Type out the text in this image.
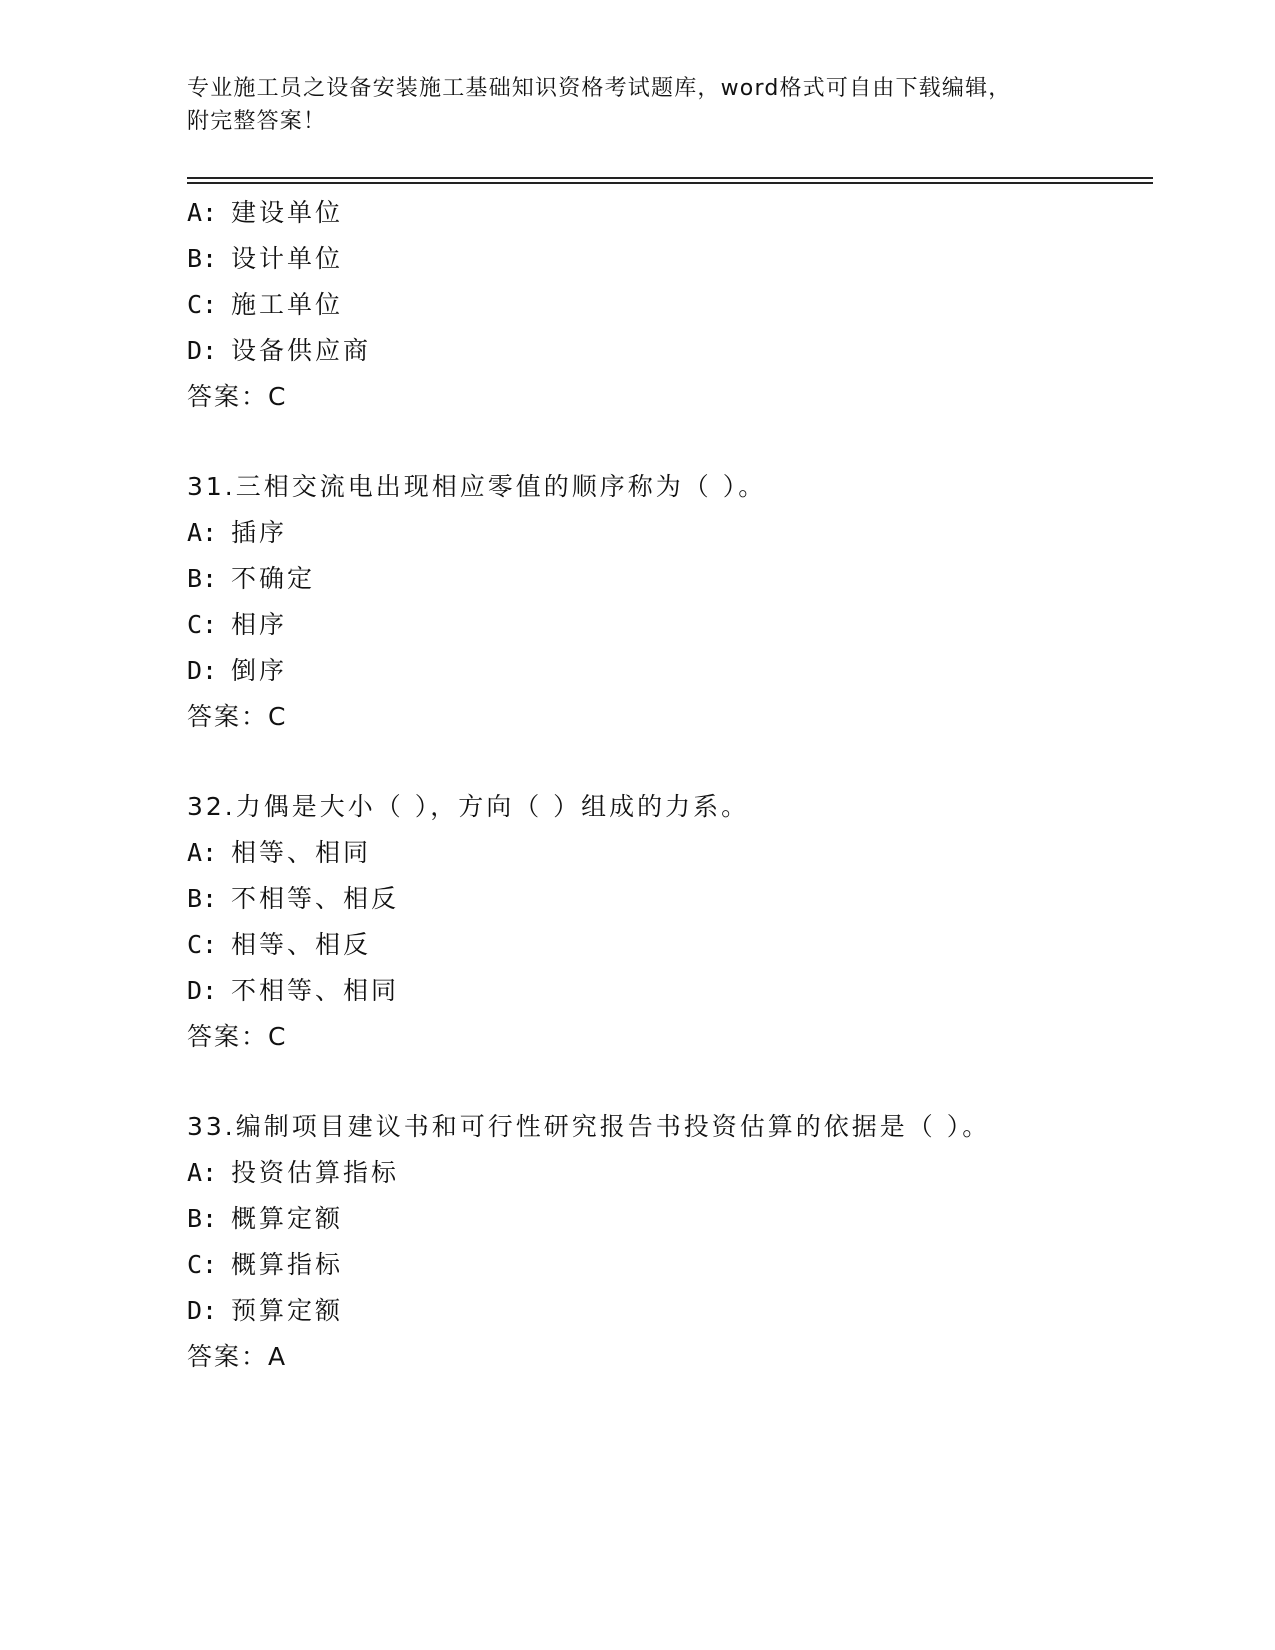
专业施工员之设备安装施工基础知识资格考试题库，word格式可自由下载编辑，
附完整答案！
A: 建设单位
B: 设计单位
C: 施工单位
D: 设备供应商
答案：C
31.三相交流电出现相应零值的顺序称为（ ）。
A: 插序
B: 不确定
C: 相序
D: 倒序
答案：C
32.力偶是大小（ ），方向（ ）组成的力系。
A: 相等、相同
B: 不相等、相反
C: 相等、相反
D: 不相等、相同
答案：C
33.编制项目建议书和可行性研究报告书投资估算的依据是（ ）。
A: 投资估算指标
B: 概算定额
C: 概算指标
D: 预算定额
答案：A
